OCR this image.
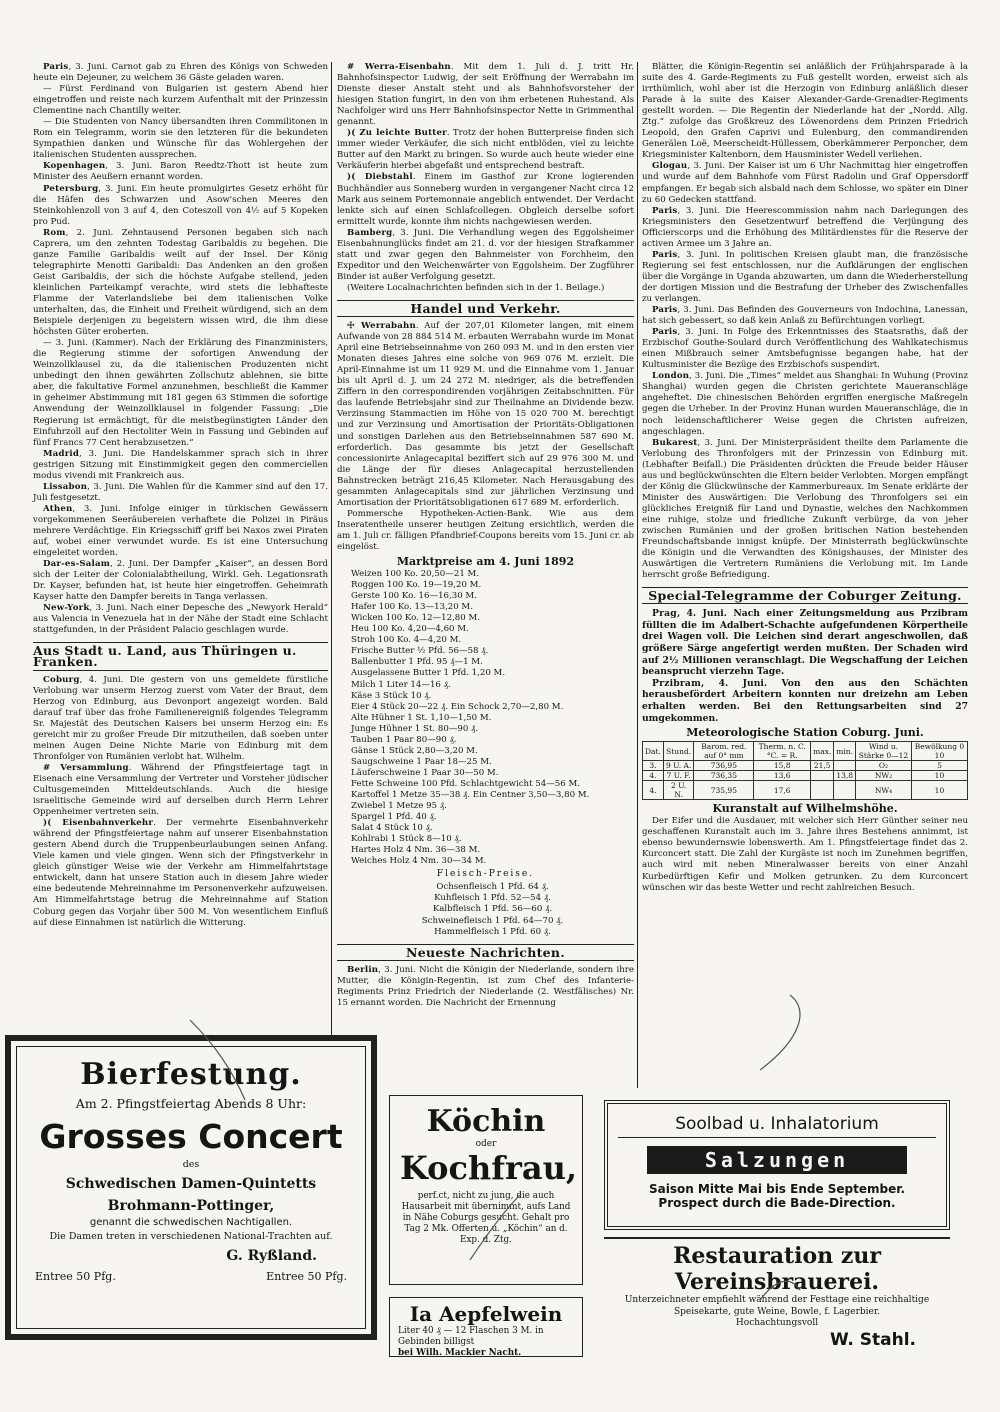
Paris, 3. Juni. Carnot gab zu Ehren des Königs von Schweden heute ein Dejeuner, zu welchem 36 Gäste geladen waren.

— Fürst Ferdinand von Bulgarien ist gestern Abend hier eingetroffen und reiste nach kurzem Aufenthalt mit der Prinzessin Clementine nach Chantilly weiter.

— Die Studenten von Nancy übersandten ihren Commilitonen in Rom ein Telegramm, worin sie den letzteren für die bekundeten Sympathien danken und Wünsche für das Wohlergehen der italienischen Studenten aussprechen.

Kopenhagen, 3. Juni. Baron Reedtz-Thott ist heute zum Minister des Aeußern ernannt worden.

Petersburg, 3. Juni. Ein heute promulgirtes Gesetz erhöht für die Häfen des Schwarzen und Asow'schen Meeres den Steinkohlenzoll von 3 auf 4, den Coteszoll von 4½ auf 5 Kopeken pro Pud.

Rom, 2. Juni. Zehntausend Personen begaben sich nach Caprera, um den zehnten Todestag Garibaldis zu begehen. Die ganze Familie Garibaldis weilt auf der Insel. Der König telegraphirte Menotti Garibaldi: Das Andenken an den großen Geist Garibaldis, der sich die höchste Aufgabe stellend, jeden kleinlichen Parteikampf verachte, wird stets die lebhafteste Flamme der Vaterlandsliebe bei dem italienischen Volke unterhalten, das, die Einheit und Freiheit würdigend, sich an dem Beispiele derjenigen zu begeistern wissen wird, die ihm diese höchsten Güter eroberten.

— 3. Juni. (Kammer). Nach der Erklärung des Finanzministers, die Regierung stimme der sofortigen Anwendung der Weinzollklausel zu, da die italienischen Produzenten nicht unbedingt den ihnen gewährten Zollschutz ablehnen, sie bitte aber, die fakultative Formel anzunehmen, beschließt die Kammer in geheimer Abstimmung mit 181 gegen 63 Stimmen die sofortige Anwendung der Weinzollklausel in folgender Fassung: „Die Regierung ist ermächtigt, für die meistbegünstigten Länder den Einfuhrzoll auf den Hectoliter Wein in Fassung und Gebinden auf fünf Francs 77 Cent herabzusetzen.“

Madrid, 3. Juni. Die Handelskammer sprach sich in ihrer gestrigen Sitzung mit Einstimmigkeit gegen den commerciellen modus vivendi mit Frankreich aus.

Lissabon, 3. Juni. Die Wahlen für die Kammer sind auf den 17. Juli festgesetzt.

Athen, 3. Juni. Infolge einiger in türkischen Gewässern vorgekommenen Seeräubereien verhaftete die Polizei in Piräus mehrere Verdächtige. Ein Kriegsschiff griff bei Naxos zwei Piraten auf, wobei einer verwundet wurde. Es ist eine Untersuchung eingeleitet worden.

Dar-es-Salam, 2. Juni. Der Dampfer „Kaiser“, an dessen Bord sich der Leiter der Colonialabtheilung, Wirkl. Geh. Legationsrath Dr. Kayser, befunden hat, ist heute hier eingetroffen. Geheimrath Kayser hatte den Dampfer bereits in Tanga verlassen.

New-York, 3. Juni. Nach einer Depesche des „Newyork Herald“ aus Valencia in Venezuela hat in der Nähe der Stadt eine Schlacht stattgefunden, in der Präsident Palacio geschlagen wurde.

Aus Stadt u. Land, aus Thüringen u. Franken.

Coburg, 4. Juni. Die gestern von uns gemeldete fürstliche Verlobung war unserm Herzog zuerst vom Vater der Braut, dem Herzog von Edinburg, aus Devonport angezeigt worden. Bald darauf traf über das frohe Familienereigniß folgendes Telegramm Sr. Majestät des Deutschen Kaisers bei unserm Herzog ein: Es gereicht mir zu großer Freude Dir mitzutheilen, daß soeben unter meinen Augen Deine Nichte Marie von Edinburg mit dem Thronfolger von Rumänien verlobt hat. Wilhelm.

# Versammlung. Während der Pfingstfeiertage tagt in Eisenach eine Versammlung der Vertreter und Vorsteher jüdischer Cultusgemeinden Mitteldeutschlands. Auch die hiesige israelitische Gemeinde wird auf derselben durch Herrn Lehrer Oppenheimer vertreten sein.

)( Eisenbahnverkehr. Der vermehrte Eisenbahnverkehr während der Pfingstfeiertage nahm auf unserer Eisenbahnstation gestern Abend durch die Truppenbeurlaubungen seinen Anfang. Viele kamen und viele gingen. Wenn sich der Pfingstverkehr in gleich günstiger Weise wie der Verkehr am Himmelfahrtstage entwickelt, dann hat unsere Station auch in diesem Jahre wieder eine bedeutende Mehreinnahme im Personenverkehr aufzuweisen. Am Himmelfahrtstage betrug die Mehreinnahme auf Station Coburg gegen das Vorjahr über 500 M. Von wesentlichem Einfluß auf diese Einnahmen ist natürlich die Witterung.

# Werra-Eisenbahn. Mit dem 1. Juli d. J. tritt Hr. Bahnhofsinspector Ludwig, der seit Eröffnung der Werrabahn im Dienste dieser Anstalt steht und als Bahnhofsvorsteher der hiesigen Station fungirt, in den von ihm erbetenen Ruhestand. Als Nachfolger wird uns Herr Bahnhofsinspector Nette in Grimmenthal genannt.

)( Zu leichte Butter. Trotz der hohen Butterpreise finden sich immer wieder Verkäufer, die sich nicht entblöden, viel zu leichte Butter auf den Markt zu bringen. So wurde auch heute wieder eine Verkäuferin hierbei abgefaßt und entsprechend bestraft.

)( Diebstahl. Einem im Gasthof zur Krone logierenden Buchhändler aus Sonneberg wurden in vergangener Nacht circa 12 Mark aus seinem Portemonnaie angeblich entwendet. Der Verdacht lenkte sich auf einen Schlafcollegen. Obgleich derselbe sofort ermittelt wurde, konnte ihm nichts nachgewiesen werden.

Bamberg, 3. Juni. Die Verhandlung wegen des Eggolsheimer Eisenbahnunglücks findet am 21. d. vor der hiesigen Strafkammer statt und zwar gegen den Bahnmeister von Forchheim, den Expeditor und den Weichenwärter von Eggolsheim. Der Zugführer Binder ist außer Verfolgung gesetzt.

(Weitere Localnachrichten befinden sich in der 1. Beilage.)

Handel und Verkehr.

☩ Werrabahn. Auf der 207,01 Kilometer langen, mit einem Aufwande von 28 884 514 M. erbauten Werrabahn wurde im Monat April eine Betriebseinnahme von 260 093 M. und in den ersten vier Monaten dieses Jahres eine solche von 969 076 M. erzielt. Die April-Einnahme ist um 11 929 M. und die Einnahme vom 1. Januar bis ult April d. J. um 24 272 M. niedriger, als die betreffenden Ziffern in den correspondirenden vorjährigen Zeitabschnitten. Für das laufende Betriebsjahr sind zur Theilnahme an Dividende bezw. Verzinsung Stammactien im Höhe von 15 020 700 M. berechtigt und zur Verzinsung und Amortisation der Prioritäts-Obligationen und sonstigen Darlehen aus den Betriebseinnahmen 587 690 M. erforderlich. Das gesammte bis jetzt der Gesellschaft concessionirte Anlagecapital beziffert sich auf 29 976 300 M. und die Länge der für dieses Anlagecapital herzustellenden Bahnstrecken beträgt 216,45 Kilometer. Nach Herausgabung des gesammten Anlagecapitals sind zur jährlichen Verzinsung und Amortisation der Prioritätsobligationen 617 689 M. erforderlich.

Pommersche Hypotheken-Actien-Bank. Wie aus dem Inseratentheile unserer heutigen Zeitung ersichtlich, werden die am 1. Juli cr. fälligen Pfandbrief-Coupons bereits vom 15. Juni cr. ab eingelöst.

Marktpreise am 4. Juni 1892

Weizen 100 Ko. 20,50—21 M.

Roggen 100 Ko. 19—19,20 M.

Gerste 100 Ko. 16—16,30 M.

Hafer 100 Ko. 13—13,20 M.

Wicken 100 Ko. 12—12,80 M.

Heu 100 Ko. 4,20—4,60 M.

Stroh 100 Ko. 4—4,20 M.

Frische Butter ½ Pfd. 56—58 ₰.

Ballenbutter 1 Pfd. 95 ₰—1 M.

Ausgelassene Butter 1 Pfd. 1,20 M.

Milch 1 Liter 14—16 ₰.

Käse 3 Stück 10 ₰.

Eier 4 Stück 20—22 ₰. Ein Schock 2,70—2,80 M.

Alte Hühner 1 St. 1,10—1,50 M.

Junge Hühner 1 St. 80—90 ₰.

Tauben 1 Paar 80—90 ₰.

Gänse 1 Stück 2,80—3,20 M.

Saugschweine 1 Paar 18—25 M.

Läuferschweine 1 Paar 30—50 M.

Fette Schweine 100 Pfd. Schlachtgewicht 54—56 M.

Kartoffel 1 Metze 35—38 ₰. Ein Centner 3,50—3,80 M.

Zwiebel 1 Metze 95 ₰.

Spargel 1 Pfd. 40 ₰.

Salat 4 Stück 10 ₰.

Kohlrabi 1 Stück 8—10 ₰.

Hartes Holz 4 Nm. 36—38 M.

Weiches Holz 4 Nm. 30—34 M.

Fleisch-Preise.

Ochsenfleisch 1 Pfd. 64 ₰.

Kuhfleisch 1 Pfd. 52—54 ₰.

Kalbfleisch 1 Pfd. 56—60 ₰.

Schweinefleisch 1 Pfd. 64—70 ₰.

Hammelfleisch 1 Pfd. 60 ₰.

Neueste Nachrichten.

Berlin, 3. Juni. Nicht die Königin der Niederlande, sondern ihre Mutter, die Königin-Regentin, ist zum Chef des Infanterie-Regiments Prinz Friedrich der Niederlande (2. Westfälisches) Nr. 15 ernannt worden. Die Nachricht der Ernennung

Blätter, die Königin-Regentin sei anläßlich der Frühjahrsparade à la suite des 4. Garde-Regiments zu Fuß gestellt worden, erweist sich als irrthümlich, wohl aber ist die Herzogin von Edinburg anläßlich dieser Parade à la suite des Kaiser Alexander-Garde-Grenadier-Regiments gestellt worden. — Die Regentin der Niederlande hat der „Nordd. Allg. Ztg.“ zufolge das Großkreuz des Löwenordens dem Prinzen Friedrich Leopold, den Grafen Caprivi und Eulenburg, den commandirenden Generälen Loë, Meerscheidt-Hüllessem, Oberkämmerer Perponcher, dem Kriegsminister Kaltenborn, dem Hausminister Wedell verliehen.

Glogau, 3. Juni. Der Kaiser ist um 6 Uhr Nachmittag hier eingetroffen und wurde auf dem Bahnhofe vom Fürst Radolin und Graf Oppersdorff empfangen. Er begab sich alsbald nach dem Schlosse, wo später ein Diner zu 60 Gedecken stattfand.

Paris, 3. Juni. Die Heerescommission nahm nach Darlegungen des Kriegsministers den Gesetzentwurf betreffend die Verjüngung des Officierscorps und die Erhöhung des Militärdienstes für die Reserve der activen Armee um 3 Jahre an.

Paris, 3. Juni. In politischen Kreisen glaubt man, die französische Regierung sei fest entschlossen, nur die Aufklärungen der englischen über die Vorgänge in Uganda abzuwarten, um dann die Wiederherstellung der dortigen Mission und die Bestrafung der Urheber des Zwischenfalles zu verlangen.

Paris, 3. Juni. Das Befinden des Gouverneurs von Indochina, Lanessan, hat sich gebessert, so daß kein Anlaß zu Befürchtungen vorliegt.

Paris, 3. Juni. In Folge des Erkenntnisses des Staatsraths, daß der Erzbischof Gouthe-Soulard durch Veröffentlichung des Wahlkatechismus einen Mißbrauch seiner Amtsbefugnisse begangen habe, hat der Kultusminister die Bezüge des Erzbischofs suspendirt.

London, 3. Juni. Die „Times“ meldet aus Shanghai: In Wuhung (Provinz Shanghai) wurden gegen die Christen gerichtete Maueranschläge angeheftet. Die chinesischen Behörden ergriffen energische Maßregeln gegen die Urheber. In der Provinz Hunan wurden Maueranschläge, die in noch leidenschaftlicherer Weise gegen die Christen aufreizen, angeschlagen.

Bukarest, 3. Juni. Der Ministerpräsident theilte dem Parlamente die Verlobung des Thronfolgers mit der Prinzessin von Edinburg mit. (Lebhafter Beifall.) Die Präsidenten drückten die Freude beider Häuser aus und beglückwünschten die Eltern beider Verlobten. Morgen empfängt der König die Glückwünsche der Kammerbureaux. Im Senate erklärte der Minister des Auswärtigen: Die Verlobung des Thronfolgers sei ein glückliches Ereigniß für Land und Dynastie, welches den Nachkommen eine ruhige, stolze und friedliche Zukunft verbürge, da von jeher zwischen Rumänien und der großen britischen Nation bestehenden Freundschaftsbande innigst knüpfe. Der Ministerrath beglückwünschte die Königin und die Verwandten des Königshauses, der Minister des Auswärtigen die Vertretern Rumäniens die Verlobung mit. Im Lande herrscht große Befriedigung.

Special-Telegramme der Coburger Zeitung.

Prag, 4. Juni. Nach einer Zeitungsmeldung aus Przibram füllten die im Adalbert-Schachte aufgefundenen Körpertheile drei Wagen voll. Die Leichen sind derart angeschwollen, daß größere Särge angefertigt werden mußten. Der Schaden wird auf 2½ Millionen veranschlagt. Die Wegschaffung der Leichen beansprucht vierzehn Tage.

Przibram, 4. Juni. Von den aus den Schächten herausbefördert Arbeitern konnten nur dreizehn am Leben erhalten werden. Bei den Rettungsarbeiten sind 27 umgekommen.

Meteorologische Station Coburg. Juni.
Dat.	Stund.	Barom. red. auf 0° mm	Therm. n. C. °C. = R.	max.	min.	Wind u. Stärke 0—12	Bewölkung 0 10
3.	9 U. A.	736,95	15,8	21,5		O₂	5
4.	7 U. F.	736,35	13,6		13,8	NW₂	10
4.	2 U. N.	735,95	17,6			NW₄	10
Kuranstalt auf Wilhelmshöhe.

Der Eifer und die Ausdauer, mit welcher sich Herr Günther seiner neu geschaffenen Kuranstalt auch im 3. Jahre ihres Bestehens annimmt, ist ebenso bewundernswie lobenswerth. Am 1. Pfingstfeiertage findet das 2. Kurconcert statt. Die Zahl der Kurgäste ist noch im Zunehmen begriffen, auch wird mit neben Mineralwasser bereits von einer Anzahl Kurbedürftigen Kefir und Molken getrunken. Zu dem Kurconcert wünschen wir das beste Wetter und recht zahlreichen Besuch.

Bierfestung.
Am 2. Pfingstfeiertag Abends 8 Uhr:
Grosses Concert
des
Schwedischen Damen-Quintetts
Brohmann-Pottinger,
genannt die schwedischen Nachtigallen.
Die Damen treten in verschiedenen National-Trachten auf.
G. Ryßland.
Entree 50 Pfg.	Entree 50 Pfg.
Köchin
oder
Kochfrau,
perf.ct, nicht zu jung, die auch Hausarbeit mit übernimmt, aufs Land in Nähe Coburgs gesucht. Gehalt pro Tag 2 Mk. Offerten u. „Köchin“ an d. Exp. d. Ztg.
Ia Aepfelwein
Liter 40 ₰ — 12 Flaschen 3 M. in Gebinden billigst
bei Wilh. Mackier Nacht.
Soolbad u. Inhalatorium
Salzungen
Saison Mitte Mai bis Ende September.
Prospect durch die Bade-Direction.
Restauration zur Vereinsbrauerei.
Unterzeichneter empfiehlt während der Festtage eine reichhaltige Speisekarte, gute Weine, Bowle, f. Lagerbier.
Hochachtungsvoll
W. Stahl.
